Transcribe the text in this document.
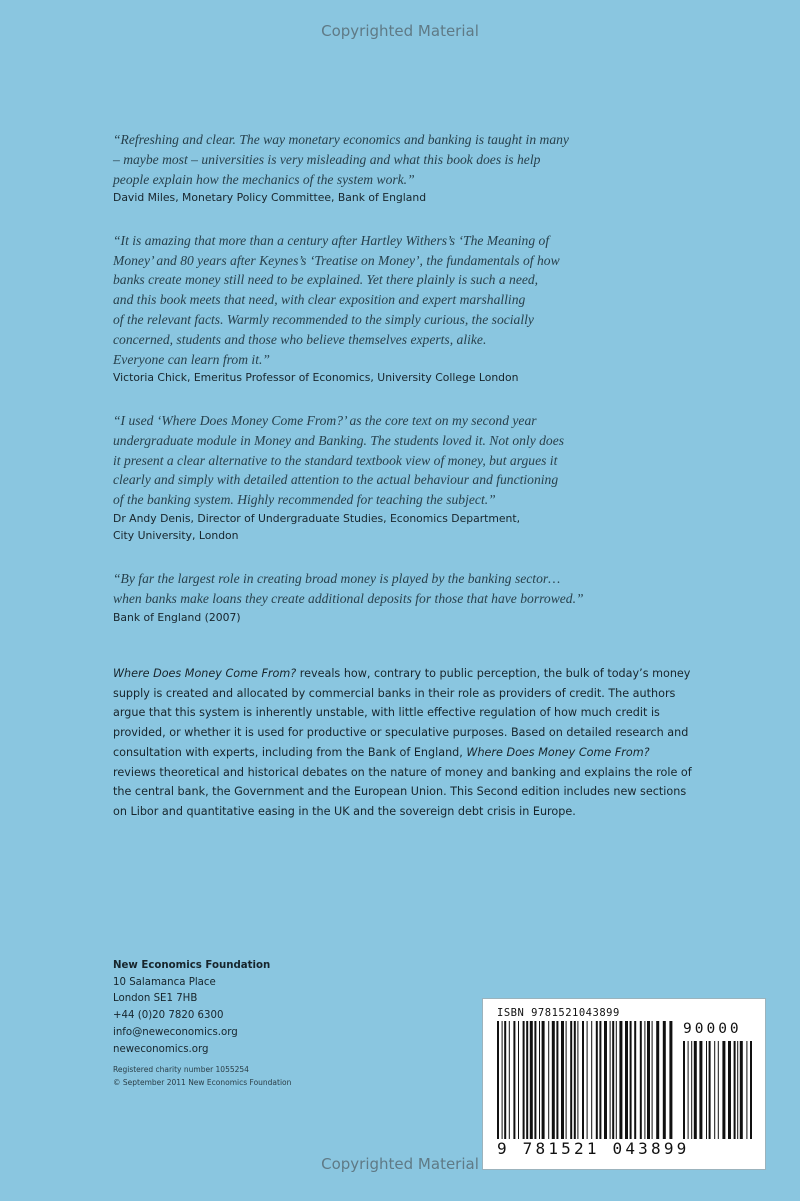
Copyrighted Material

“Refreshing and clear. The way monetary economics and banking is taught in many
– maybe most – universities is very misleading and what this book does is help
people explain how the mechanics of the system work.”

David Miles, Monetary Policy Committee, Bank of England

“It is amazing that more than a century after Hartley Withers’s ‘The Meaning of
Money’ and 80 years after Keynes’s ‘Treatise on Money’, the fundamentals of how
banks create money still need to be explained. Yet there plainly is such a need,
and this book meets that need, with clear exposition and expert marshalling
of the relevant facts. Warmly recommended to the simply curious, the socially
concerned, students and those who believe themselves experts, alike.
Everyone can learn from it.”

Victoria Chick, Emeritus Professor of Economics, University College London

“I used ‘Where Does Money Come From?’ as the core text on my second year
undergraduate module in Money and Banking. The students loved it. Not only does
it present a clear alternative to the standard textbook view of money, but argues it
clearly and simply with detailed attention to the actual behaviour and functioning
of the banking system. Highly recommended for teaching the subject.”

Dr Andy Denis, Director of Undergraduate Studies, Economics Department,
City University, London

“By far the largest role in creating broad money is played by the banking sector…
when banks make loans they create additional deposits for those that have borrowed.”

Bank of England (2007)

Where Does Money Come From? reveals how, contrary to public perception, the bulk of today’s money supply is created and allocated by commercial banks in their role as providers of credit. The authors argue that this system is inherently unstable, with little effective regulation of how much credit is provided, or whether it is used for productive or speculative purposes. Based on detailed research and consultation with experts, including from the Bank of England, Where Does Money Come From? reviews theoretical and historical debates on the nature of money and banking and explains the role of the central bank, the Government and the European Union. This Second edition includes new sections on Libor and quantitative easing in the UK and the sovereign debt crisis in Europe.

New Economics Foundation
10 Salamanca Place
London SE1 7HB
+44 (0)20 7820 6300
info@neweconomics.org
neweconomics.org
Registered charity number 1055254
© September 2011 New Economics Foundation
ISBN 9781521043899
90000
9 781521 043899
Copyrighted Material
